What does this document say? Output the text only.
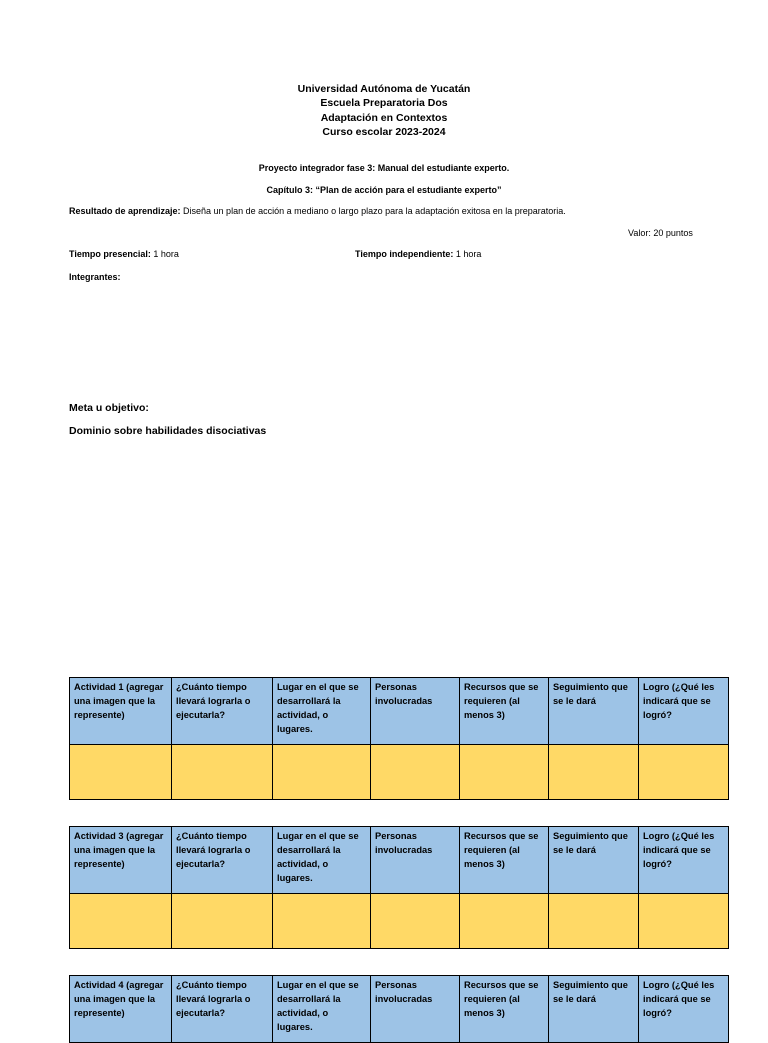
Universidad Autónoma de Yucatán
Escuela Preparatoria Dos
Adaptación en Contextos
Curso escolar 2023-2024
Proyecto integrador fase 3: Manual del estudiante experto.
Capítulo 3: “Plan de acción para el estudiante experto”
Resultado de aprendizaje: Diseña un plan de acción a mediano o largo plazo para la adaptación exitosa en la preparatoria.
Valor: 20 puntos
Tiempo presencial: 1 hora	Tiempo independiente: 1 hora
Integrantes:
Meta u objetivo:
Dominio sobre habilidades disociativas
Actividad 1 (agregar una imagen que la represente)	¿Cuánto tiempo llevará lograrla o ejecutarla?	Lugar en el que se desarrollará la actividad, o lugares.	Personas involucradas	Recursos que se requieren (al menos 3)	Seguimiento que se le dará	Logro (¿Qué les indicará que se logró?

Actividad 3 (agregar una imagen que la represente)	¿Cuánto tiempo llevará lograrla o ejecutarla?	Lugar en el que se desarrollará la actividad, o lugares.	Personas involucradas	Recursos que se requieren (al menos 3)	Seguimiento que se le dará	Logro (¿Qué les indicará que se logró?

Actividad 4 (agregar una imagen que la represente)	¿Cuánto tiempo llevará lograrla o ejecutarla?	Lugar en el que se desarrollará la actividad, o lugares.	Personas involucradas	Recursos que se requieren (al menos 3)	Seguimiento que se le dará	Logro (¿Qué les indicará que se logró?
